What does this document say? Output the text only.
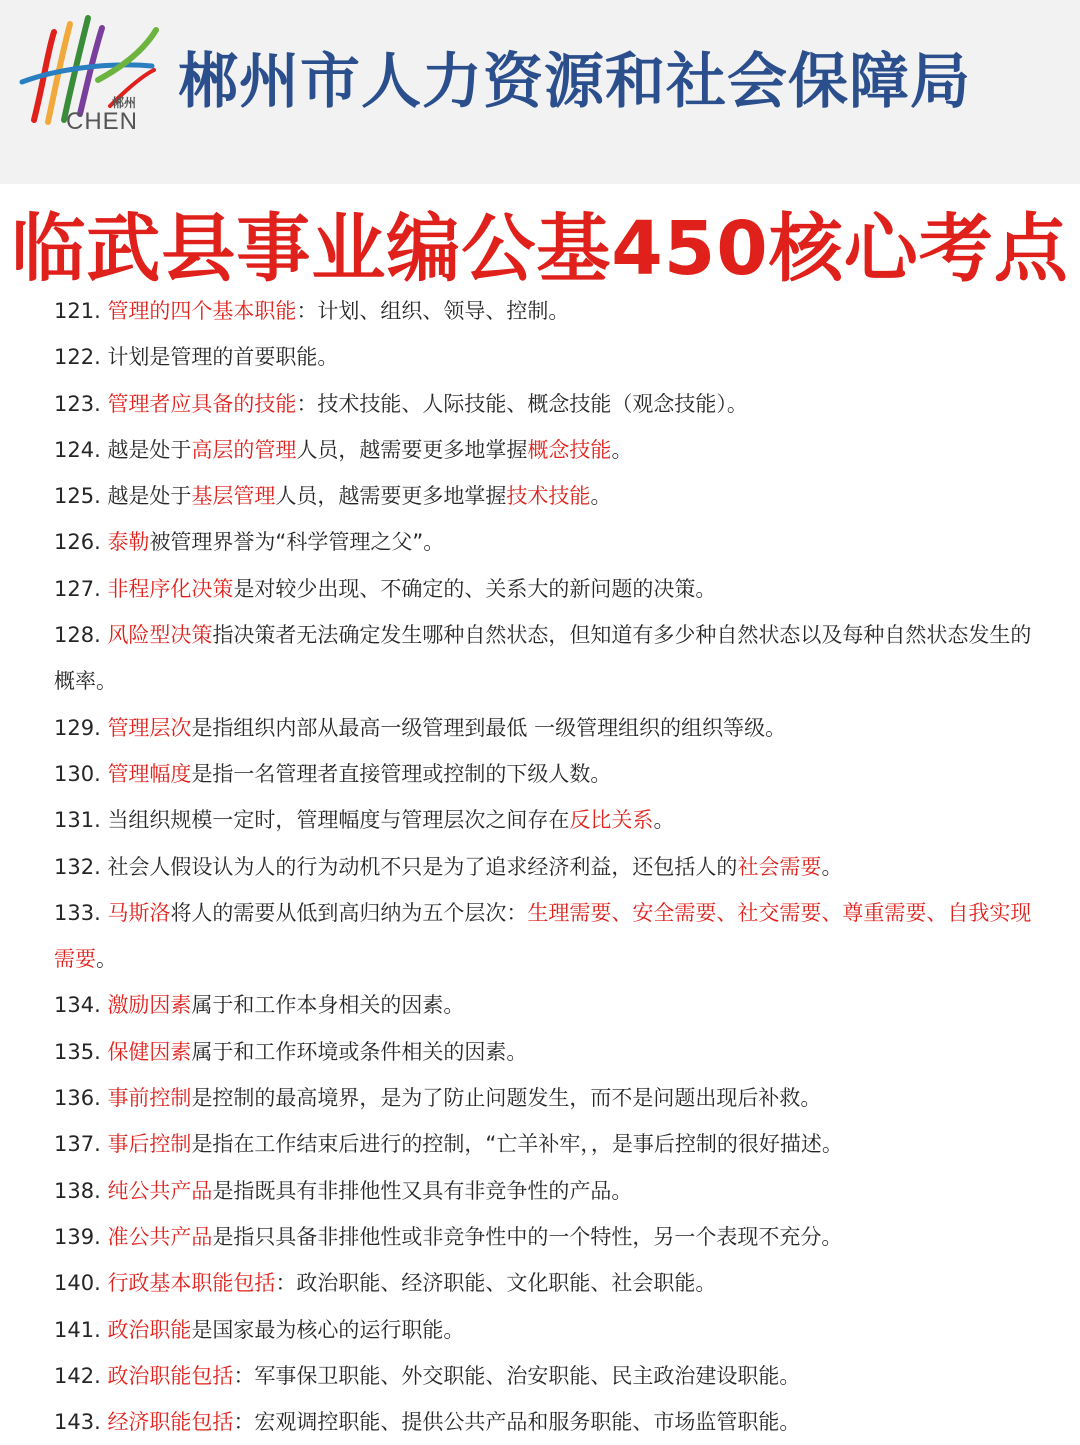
郴州
CHEN
郴州市人力资源和社会保障局
临武县事业编公基450核心考点
121. 管理的四个基本职能：计划、组织、领导、控制。
122. 计划是管理的首要职能。
123. 管理者应具备的技能：技术技能、人际技能、概念技能（观念技能）。
124. 越是处于高层的管理人员，越需要更多地掌握概念技能。
125. 越是处于基层管理人员，越需要更多地掌握技术技能。
126. 泰勒被管理界誉为“科学管理之父”。
127. 非程序化决策是对较少出现、不确定的、关系大的新问题的决策。
128. 风险型决策指决策者无法确定发生哪种自然状态，但知道有多少种自然状态以及每种自然状态发生的概率。
129. 管理层次是指组织内部从最高一级管理到最低 一级管理组织的组织等级。
130. 管理幅度是指一名管理者直接管理或控制的下级人数。
131. 当组织规模一定时，管理幅度与管理层次之间存在反比关系。
132. 社会人假设认为人的行为动机不只是为了追求经济利益，还包括人的社会需要。
133. 马斯洛将人的需要从低到高归纳为五个层次：生理需要、安全需要、社交需要、尊重需要、自我实现需要。
134. 激励因素属于和工作本身相关的因素。
135. 保健因素属于和工作环境或条件相关的因素。
136. 事前控制是控制的最高境界，是为了防止问题发生，而不是问题出现后补救。
137. 事后控制是指在工作结束后进行的控制，“亡羊补牢，，是事后控制的很好描述。
138. 纯公共产品是指既具有非排他性又具有非竞争性的产品。
139. 准公共产品是指只具备非排他性或非竞争性中的一个特性，另一个表现不充分。
140. 行政基本职能包括：政治职能、经济职能、文化职能、社会职能。
141. 政治职能是国家最为核心的运行职能。
142. 政治职能包括：军事保卫职能、外交职能、治安职能、民主政治建设职能。
143. 经济职能包括：宏观调控职能、提供公共产品和服务职能、市场监管职能。
